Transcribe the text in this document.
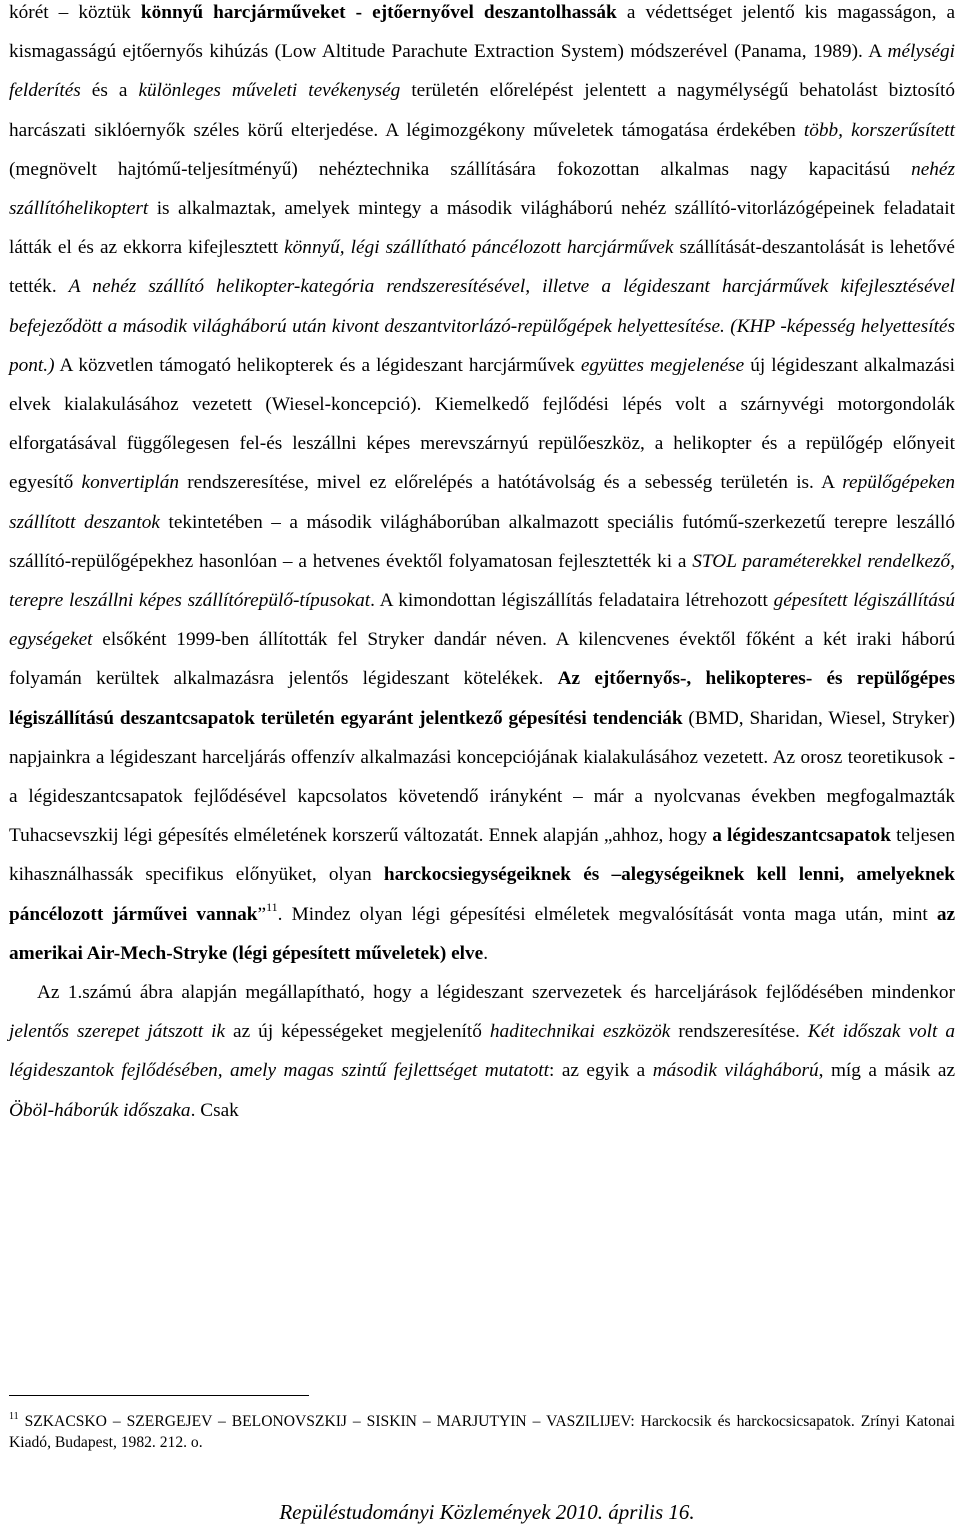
kórét – köztük könnyű harcjárműveket - ejtőernyővel deszantolhassák a védettséget jelentő kis magasságon, a kismagasságú ejtőernyős kihúzás (Low Altitude Parachute Extraction System) módszerével (Panama, 1989). A mélységi felderítés és a különleges műveleti tevékenység területén előrelépést jelentett a nagymélységű behatolást biztosító harcászati siklóernyők széles körű elterjedése. A légimozgékony műveletek támogatása érdekében több, korszerűsített (megnövelt hajtómű-teljesítményű) nehéztechnika szállítására fokozottan alkalmas nagy kapacitású nehéz szállítóhelikoptert is alkalmaztak, amelyek mintegy a második világháború nehéz szállító-vitorlázógépeinek feladatait látták el és az ekkorra kifejlesztett könnyű, légi szállítható páncélozott harcjárművek szállítását-deszantolását is lehetővé tették. A nehéz szállító helikopter-kategória rendszeresítésével, illetve a légideszant harcjárművek kifejlesztésével befejeződött a második világháború után kivont deszantvitorlázó-repülőgépek helyettesítése. (KHP -képesség helyettesítés pont.) A közvetlen támogató helikopterek és a légideszant harcjárművek együttes megjelenése új légideszant alkalmazási elvek kialakulásához vezetett (Wiesel-koncepció). Kiemelkedő fejlődési lépés volt a szárnyvégi motorgondolák elforgatásával függőlegesen fel-és leszállni képes merevszárnyú repülőeszköz, a helikopter és a repülőgép előnyeit egyesítő konvertiplán rendszeresítése, mivel ez előrelépés a hatótávolság és a sebesség területén is. A repülőgépeken szállított deszantok tekintetében – a második világháborúban alkalmazott speciális futómű-szerkezetű terepre leszálló szállító-repülőgépekhez hasonlóan – a hetvenes évektől folyamatosan fejlesztették ki a STOL paraméterekkel rendelkező, terepre leszállni képes szállítórepülő-típusokat. A kimondottan légiszállítás feladataira létrehozott gépesített légiszállítású egységeket elsőként 1999-ben állították fel Stryker dandár néven. A kilencvenes évektől főként a két iraki háború folyamán kerültek alkalmazásra jelentős légideszant kötelékek. Az ejtőernyős-, helikopteres- és repülőgépes légiszállítású deszantcsapatok területén egyaránt jelentkező gépesítési tendenciák (BMD, Sharidan, Wiesel, Stryker) napjainkra a légideszant harceljárás offenzív alkalmazási koncepciójának kialakulásához vezetett. Az orosz teoretikusok - a légideszantcsapatok fejlődésével kapcsolatos követendő irányként – már a nyolcvanas években megfogalmazták Tuhacsevszkij légi gépesítés elméletének korszerű változatát. Ennek alapján „ahhoz, hogy a légideszantcsapatok teljesen kihasználhassák specifikus előnyüket, olyan harckocsiegységeiknek és –alegységeiknek kell lenni, amelyeknek páncélozott járművei vannak”$^{11}$. Mindez olyan légi gépesítési elméletek megvalósítását vonta maga után, mint az amerikai Air-Mech-Stryke (légi gépesített műveletek) elve.

Az 1.számú ábra alapján megállapítható, hogy a légideszant szervezetek és harceljárások fejlődésében mindenkor jelentős szerepet játszott ik az új képességeket megjelenítő haditechnikai eszközök rendszeresítése. Két időszak volt a légideszantok fejlődésében, amely magas szintű fejlettséget mutatott: az egyik a második világháború, míg a másik az Öböl-háborúk időszaka. Csak

$^{11}$ SZKACSKO – SZERGEJEV – BELONOVSZKIJ – SISKIN – MARJUTYIN – VASZILIJEV: Harckocsik és harckocsicsapatok. Zrínyi Katonai Kiadó, Budapest, 1982. 212. o.
Repüléstudományi Közlemények 2010. április 16.
